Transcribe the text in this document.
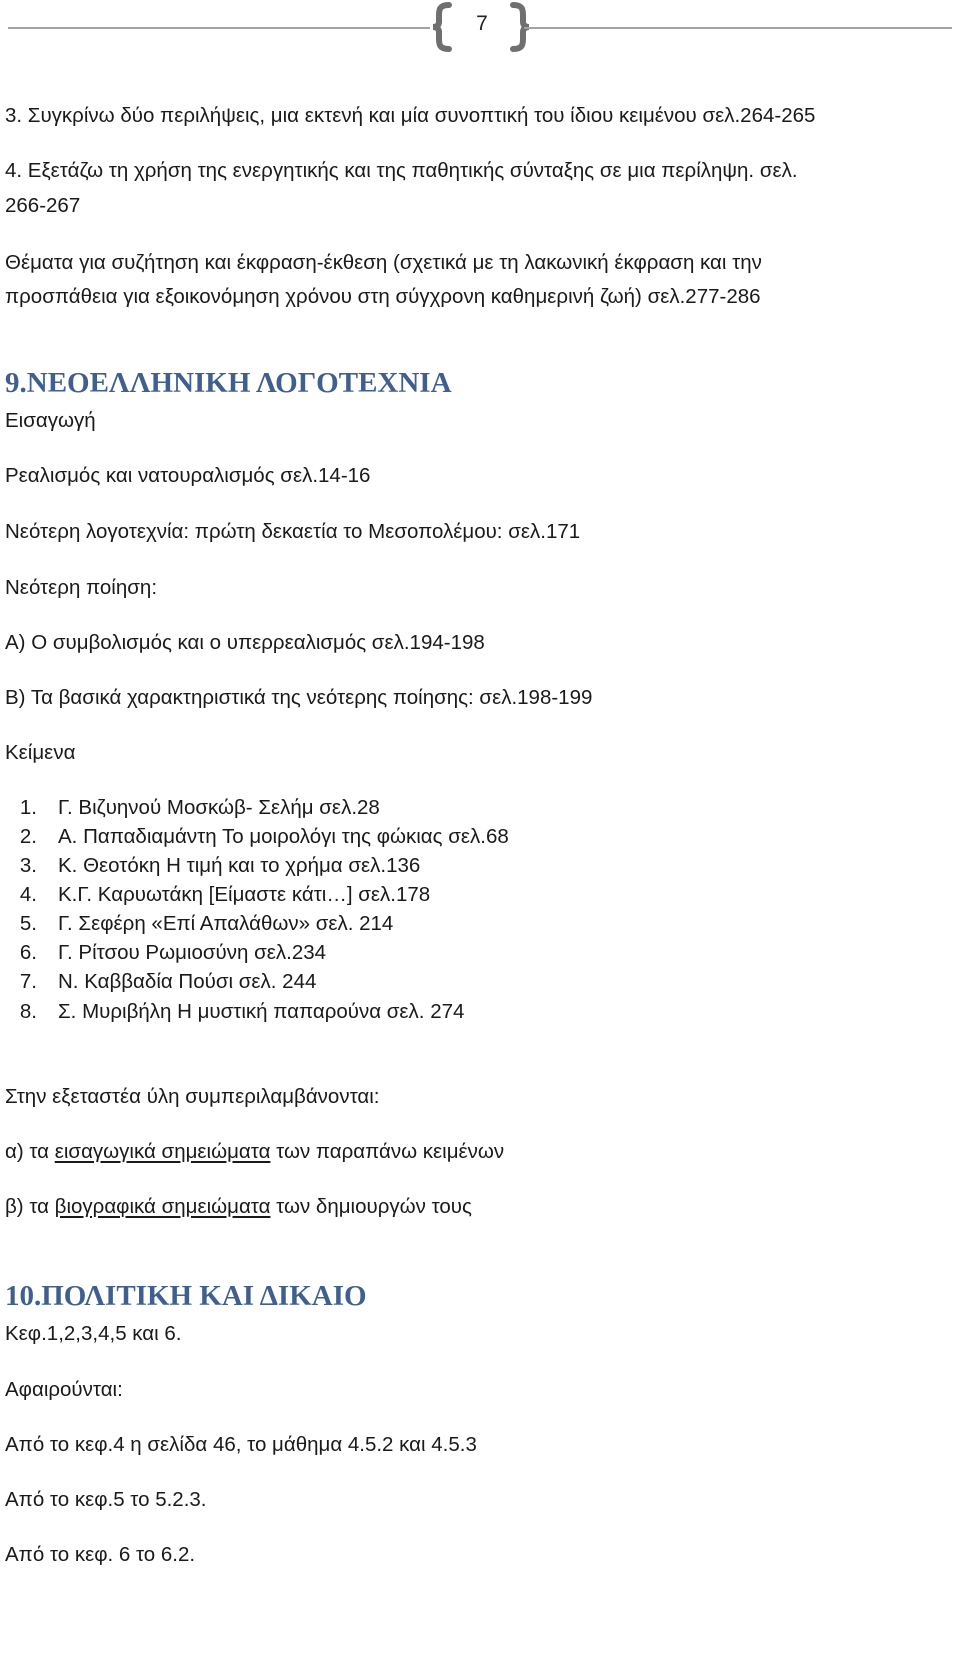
7
3. Συγκρίνω δύο περιλήψεις, μια εκτενή και μία συνοπτική του ίδιου κειμένου σελ.264-265
4. Εξετάζω τη χρήση της ενεργητικής και της παθητικής σύνταξης σε μια περίληψη. σελ.
266-267
Θέματα για συζήτηση και έκφραση-έκθεση (σχετικά με τη λακωνική έκφραση και την
προσπάθεια για εξοικονόμηση χρόνου στη σύγχρονη καθημερινή ζωή) σελ.277-286
9.ΝΕΟΕΛΛΗΝΙΚΗ ΛΟΓΟΤΕΧΝΙΑ
Εισαγωγή
Ρεαλισμός και νατουραλισμός σελ.14-16
Νεότερη λογοτεχνία: πρώτη δεκαετία το Μεσοπολέμου: σελ.171
Νεότερη ποίηση:
Α) Ο συμβολισμός και ο υπερρεαλισμός σελ.194-198
Β) Τα βασικά χαρακτηριστικά της νεότερης ποίησης: σελ.198-199
Κείμενα
1. Γ. Βιζυηνού Μοσκώβ- Σελήμ σελ.28
2. Α. Παπαδιαμάντη Το μοιρολόγι της φώκιας σελ.68
3. Κ. Θεοτόκη Η τιμή και το χρήμα σελ.136
4. Κ.Γ. Καρυωτάκη [Είμαστε κάτι…] σελ.178
5. Γ. Σεφέρη «Επί Απαλάθων» σελ. 214
6. Γ. Ρίτσου Ρωμιοσύνη σελ.234
7. Ν. Καββαδία Πούσι σελ. 244
8. Σ. Μυριβήλη Η μυστική παπαρούνα σελ. 274
Στην εξεταστέα ύλη συμπεριλαμβάνονται:
α) τα εισαγωγικά σημειώματα των παραπάνω κειμένων
β) τα βιογραφικά σημειώματα των δημιουργών τους
10.ΠΟΛΙΤΙΚΗ ΚΑΙ ΔΙΚΑΙΟ
Κεφ.1,2,3,4,5 και 6.
Αφαιρούνται:
Από το κεφ.4 η σελίδα 46, το μάθημα 4.5.2 και 4.5.3
Από το κεφ.5 το 5.2.3.
Από το κεφ. 6 το 6.2.
